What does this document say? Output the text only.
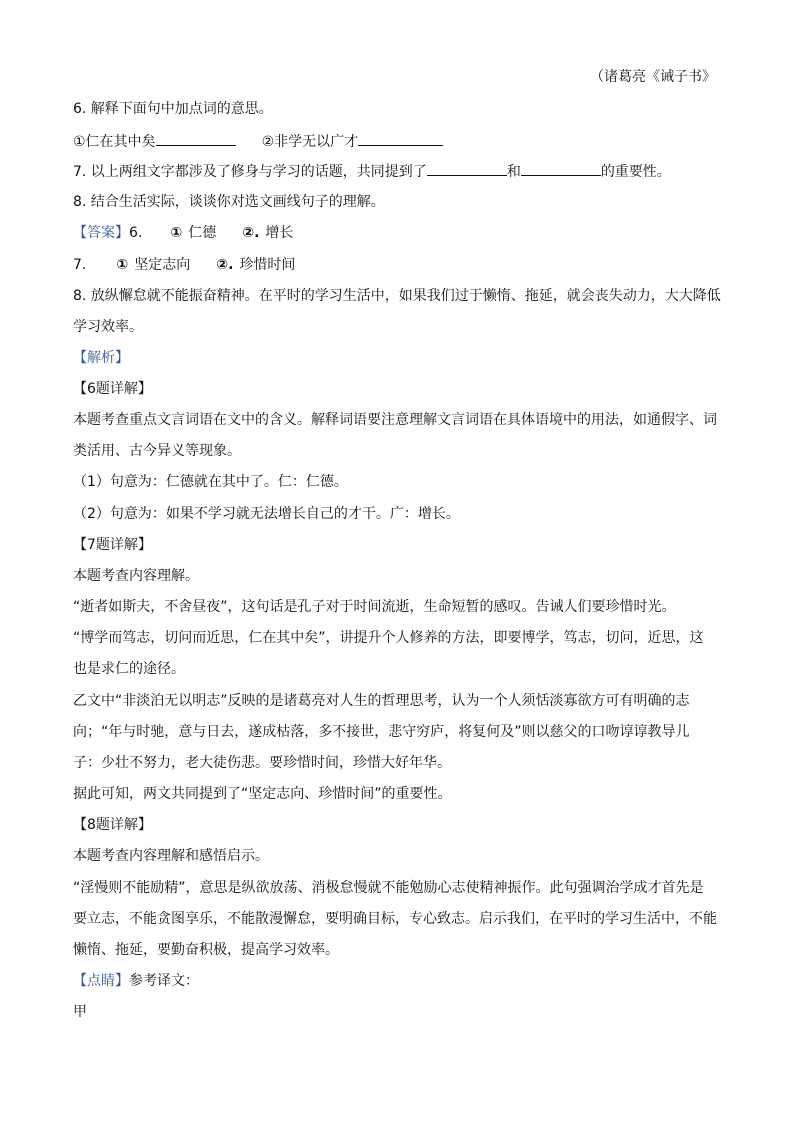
（诸葛亮《诫子书》
6. 解释下面句中加点词的意思。
①仁在其中矣	②非学无以广才
7. 以上两组文字都涉及了修身与学习的话题，共同提到了	和	的重要性。
8. 结合生活实际，谈谈你对选文画线句子的理解。
【答案】6. ① 仁德 ②. 增长
7. ① 坚定志向 ②. 珍惜时间
8. 放纵懈怠就不能振奋精神。在平时的学习生活中，如果我们过于懒惰、拖延，就会丧失动力，大大降低
学习效率。
【解析】
【6题详解】
本题考查重点文言词语在文中的含义。解释词语要注意理解文言词语在具体语境中的用法，如通假字、词
类活用、古今异义等现象。
（1）句意为：仁德就在其中了。仁：仁德。
（2）句意为：如果不学习就无法增长自己的才干。广：增长。
【7题详解】
本题考查内容理解。
“逝者如斯夫，不舍昼夜”，这句话是孔子对于时间流逝，生命短暂的感叹。告诫人们要珍惜时光。
“博学而笃志，切问而近思，仁在其中矣”，讲提升个人修养的方法，即要博学，笃志，切问，近思，这
也是求仁的途径。
乙文中“非淡泊无以明志”反映的是诸葛亮对人生的哲理思考，认为一个人须恬淡寡欲方可有明确的志
向；“年与时驰，意与日去，遂成枯落，多不接世，悲守穷庐，将复何及”则以慈父的口吻谆谆教导儿
子：少壮不努力，老大徒伤悲。要珍惜时间，珍惜大好年华。
据此可知，两文共同提到了“坚定志向、珍惜时间”的重要性。
【8题详解】
本题考查内容理解和感悟启示。
“淫慢则不能励精”，意思是纵欲放荡、消极怠慢就不能勉励心志使精神振作。此句强调治学成才首先是
要立志，不能贪图享乐，不能散漫懈怠，要明确目标，专心致志。启示我们，在平时的学习生活中，不能
懒惰、拖延，要勤奋积极，提高学习效率。
【点睛】参考译文：
甲
